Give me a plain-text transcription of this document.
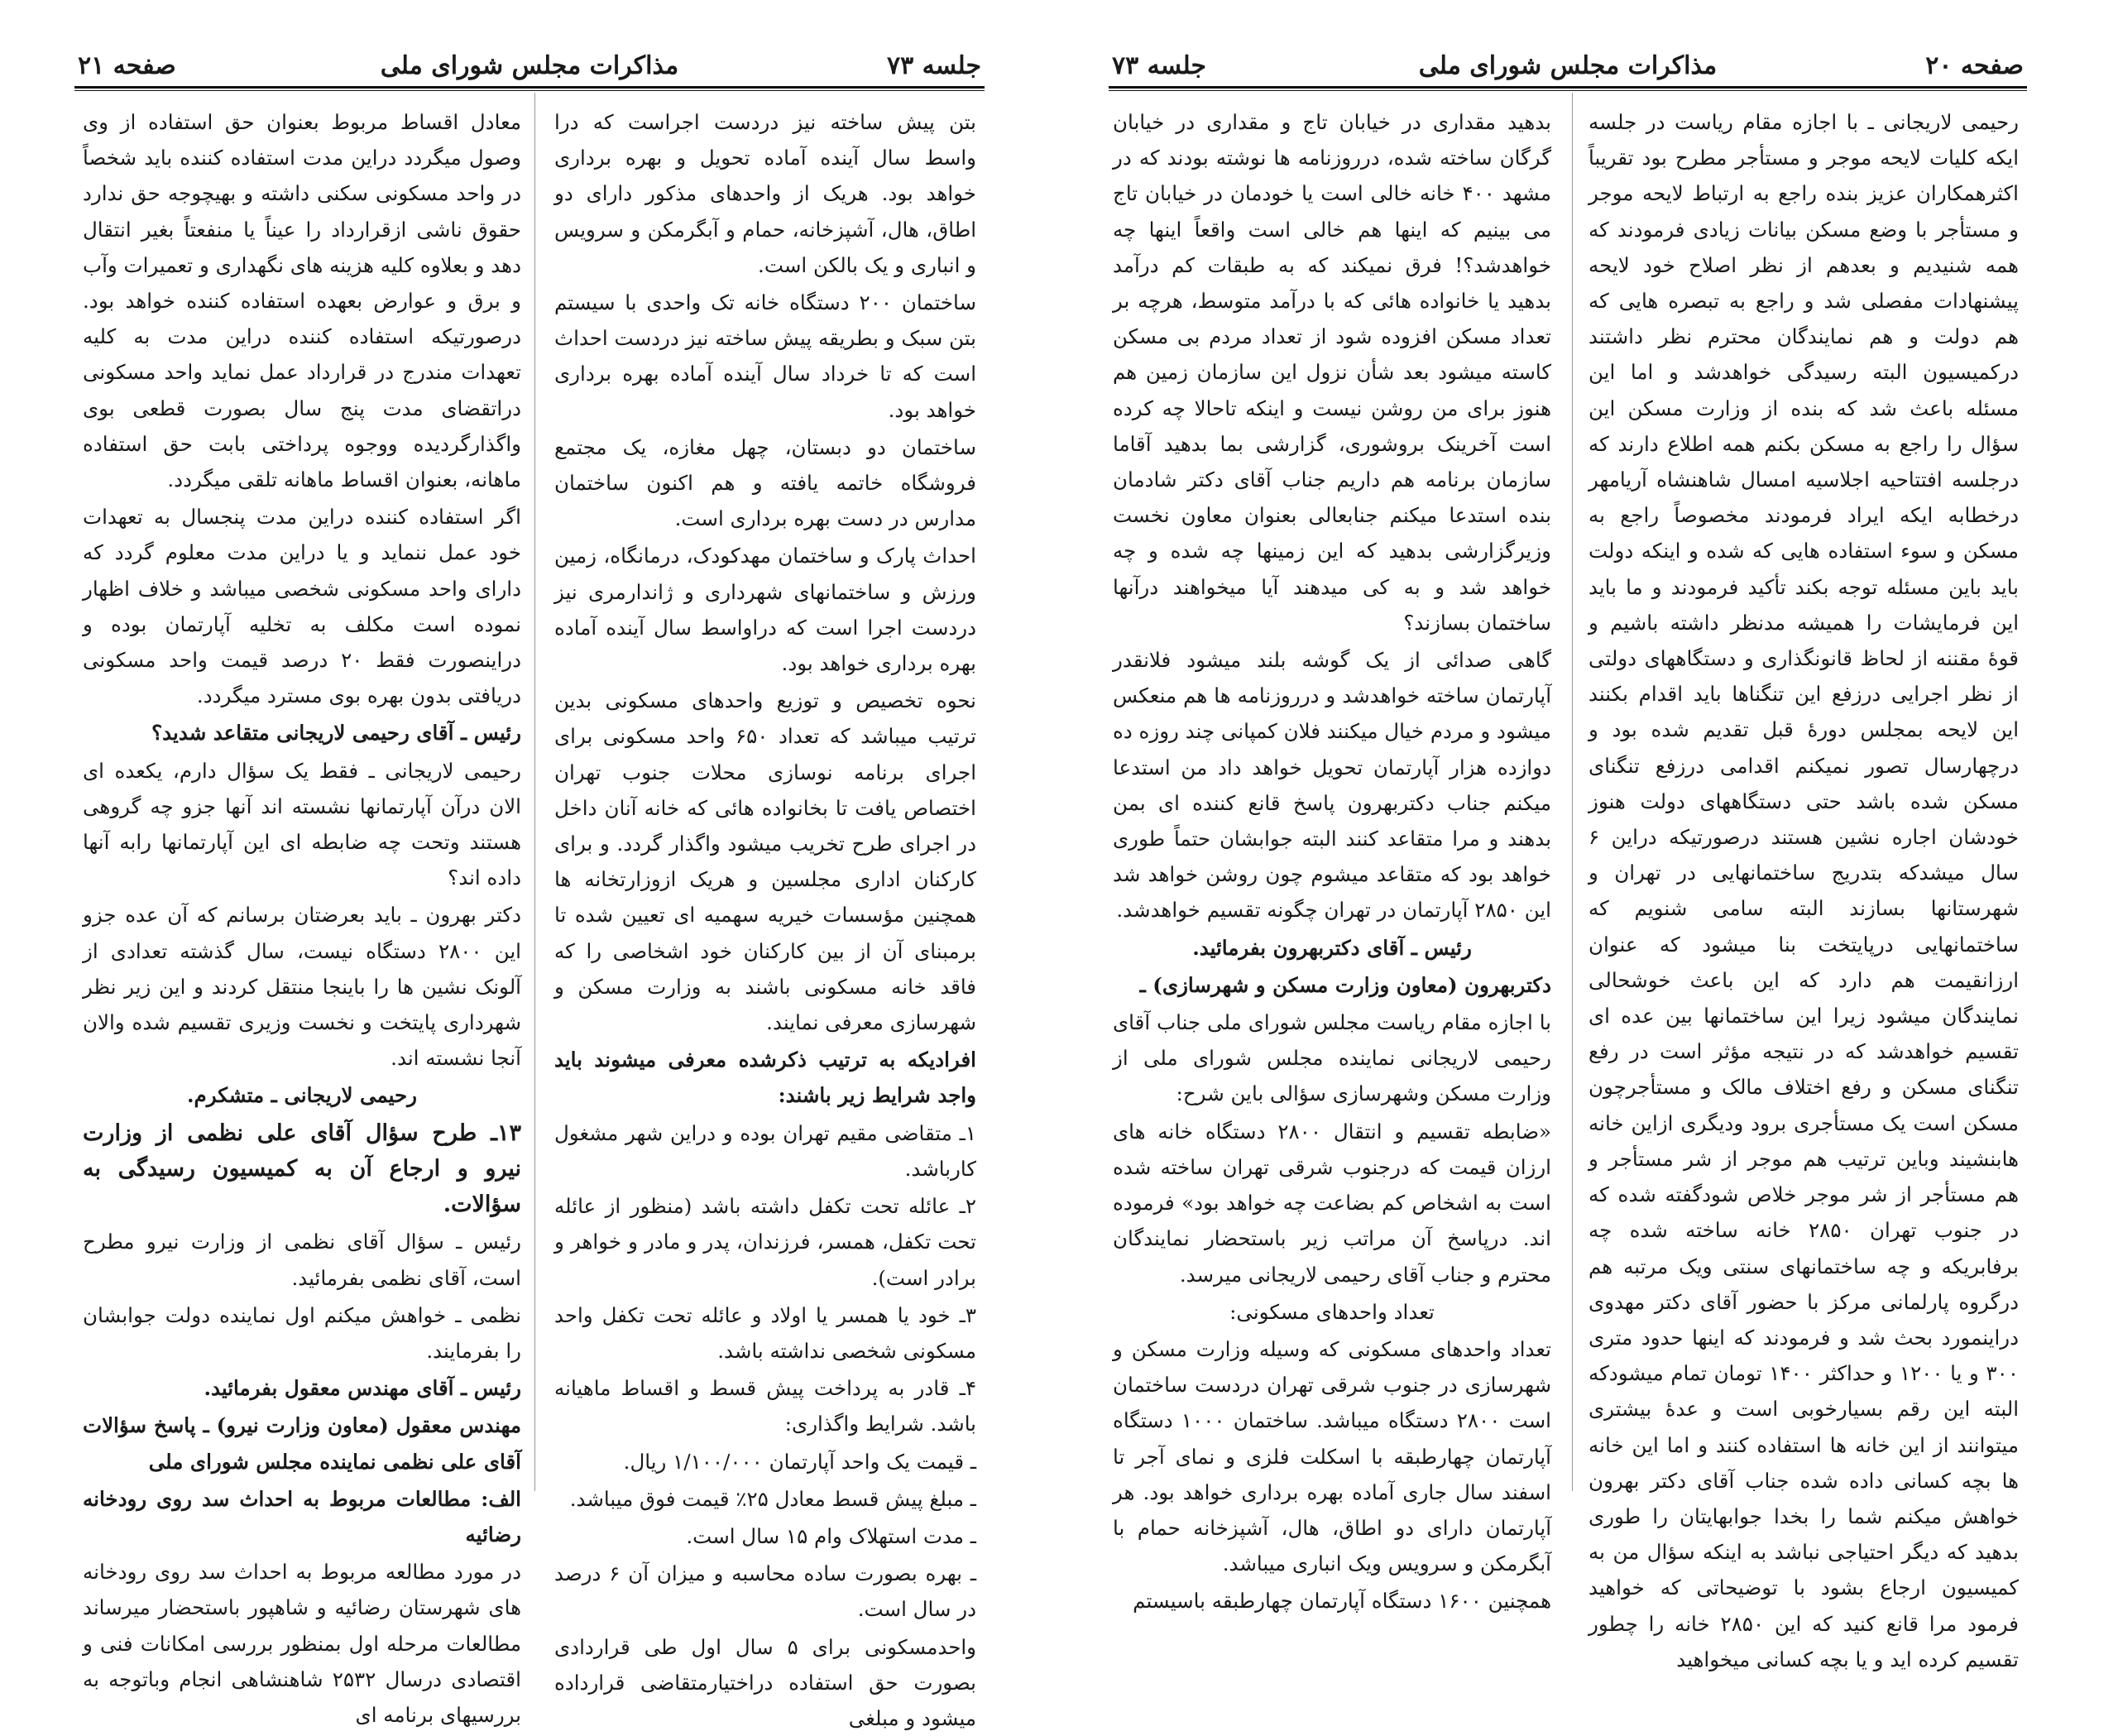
جلسه ۷۳
مذاکرات مجلس شورای ملی
صفحه ۲۱

بتن پیش ساخته نیز دردست اجراست که درا واسط سال آینده آماده تحویل و بهره برداری خواهد بود. هریک از واحدهای مذکور دارای دو اطاق، هال، آشپزخانه، حمام و آبگرمکن و سرویس و انباری و یک بالکن است.

ساختمان ۲۰۰ دستگاه خانه تک واحدی با سیستم بتن سبک و بطریقه پیش ساخته نیز دردست احداث است که تا خرداد سال آینده آماده بهره برداری خواهد بود.

ساختمان دو دبستان، چهل مغازه، یک مجتمع فروشگاه خاتمه یافته و هم اکنون ساختمان مدارس در دست بهره برداری است.

احداث پارک و ساختمان مهدکودک، درمانگاه، زمین ورزش و ساختمانهای شهرداری و ژاندارمری نیز دردست اجرا است که دراواسط سال آینده آماده بهره برداری خواهد بود.

نحوه تخصیص و توزیع واحدهای مسکونی بدین ترتیب میباشد که تعداد ۶۵۰ واحد مسکونی برای اجرای برنامه نوسازی محلات جنوب تهران اختصاص یافت تا بخانواده هائی که خانه آنان داخل در اجرای طرح تخریب میشود واگذار گردد. و برای کارکنان اداری مجلسین و هریک ازوزارتخانه ها همچنین مؤسسات خیریه سهمیه ای تعیین شده تا برمبنای آن از بین کارکنان خود اشخاصی را که فاقد خانه مسکونی باشند به وزارت مسکن و شهرسازی معرفی نمایند.

افرادیکه به ترتیب ذکرشده معرفی میشوند باید واجد شرایط زیر باشند:

۱ـ متقاضی مقیم تهران بوده و دراین شهر مشغول کارباشد.

۲ـ عائله تحت تکفل داشته باشد (منظور از عائله تحت تکفل، همسر، فرزندان، پدر و مادر و خواهر و برادر است).

۳ـ خود یا همسر یا اولاد و عائله تحت تکفل واحد مسکونی شخصی نداشته باشد.

۴ـ قادر به پرداخت پیش قسط و اقساط ماهیانه باشد. شرایط واگذاری:

ـ قیمت یک واحد آپارتمان ۱/۱۰۰/۰۰۰ ریال.

ـ مبلغ پیش قسط معادل ۲۵٪ قیمت فوق میباشد.

ـ مدت استهلاک وام ۱۵ سال است.

ـ بهره بصورت ساده محاسبه و میزان آن ۶ درصد در سال است.

واحدمسکونی برای ۵ سال اول طی قراردادی بصورت حق استفاده دراختیارمتقاضی قرارداده میشود و مبلغی

معادل اقساط مربوط بعنوان حق استفاده از وی وصول میگردد دراین مدت استفاده کننده باید شخصاً در واحد مسکونی سکنی داشته و بهیچوجه حق ندارد حقوق ناشی ازقرارداد را عیناً یا منفعتاً بغیر انتقال دهد و بعلاوه کلیه هزینه های نگهداری و تعمیرات وآب و برق و عوارض بعهده استفاده کننده خواهد بود. درصورتیکه استفاده کننده دراین مدت به کلیه تعهدات مندرج در قرارداد عمل نماید واحد مسکونی دراتقضای مدت پنج سال بصورت قطعی بوی واگذارگردیده ووجوه پرداختی بابت حق استفاده ماهانه، بعنوان اقساط ماهانه تلقی میگردد.

اگر استفاده کننده دراین مدت پنجسال به تعهدات خود عمل ننماید و یا دراین مدت معلوم گردد که دارای واحد مسکونی شخصی میباشد و خلاف اظهار نموده است مکلف به تخلیه آپارتمان بوده و دراینصورت فقط ۲۰ درصد قیمت واحد مسکونی دریافتی بدون بهره بوی مسترد میگردد.

رئیس ـ آقای رحیمی لاریجانی متقاعد شدید؟

رحیمی لاریجانی ـ فقط یک سؤال دارم، یکعده ای الان درآن آپارتمانها نشسته اند آنها جزو چه گروهی هستند وتحت چه ضابطه ای این آپارتمانها رابه آنها داده اند؟

دکتر بهرون ـ باید بعرضتان برسانم که آن عده جزو این ۲۸۰۰ دستگاه نیست، سال گذشته تعدادی از آلونک نشین ها را باینجا منتقل کردند و این زیر نظر شهرداری پایتخت و نخست وزیری تقسیم شده والان آنجا نشسته اند.

رحیمی لاریجانی ـ متشکرم.

۱۳ـ طرح سؤال آقای علی نظمی از وزارت نیرو و ارجاع آن به کمیسیون رسیدگی به سؤالات.

رئیس ـ سؤال آقای نظمی از وزارت نیرو مطرح است، آقای نظمی بفرمائید.

نظمی ـ خواهش میکنم اول نماینده دولت جوابشان را بفرمایند.

رئیس ـ آقای مهندس معقول بفرمائید.

مهندس معقول (معاون وزارت نیرو) ـ پاسخ سؤالات آقای علی نظمی نماینده مجلس شورای ملی

الف: مطالعات مربوط به احداث سد روی رودخانه رضائیه

در مورد مطالعه مربوط به احداث سد روی رودخانه های شهرستان رضائیه و شاهپور باستحضار میرساند مطالعات مرحله اول بمنظور بررسی امکانات فنی و اقتصادی درسال ۲۵۳۲ شاهنشاهی انجام وباتوجه به بررسیهای برنامه ای

صفحه ۲۰
مذاکرات مجلس شورای ملی
جلسه ۷۳

رحیمی لاریجانی ـ با اجازه مقام ریاست در جلسه ایکه کلیات لایحه موجر و مستأجر مطرح بود تقریباً اکثرهمکاران عزیز بنده راجع به ارتباط لایحه موجر و مستأجر با وضع مسکن بیانات زیادی فرمودند که همه شنیدیم و بعدهم از نظر اصلاح خود لایحه پیشنهادات مفصلی شد و راجع به تبصره هایی که هم دولت و هم نمایندگان محترم نظر داشتند درکمیسیون البته رسیدگی خواهدشد و اما این مسئله باعث شد که بنده از وزارت مسکن این سؤال را راجع به مسکن بکنم همه اطلاع دارند که درجلسه افتتاحیه اجلاسیه امسال شاهنشاه آریامهر درخطابه ایکه ایراد فرمودند مخصوصاً راجع به مسکن و سوء استفاده هایی که شده و اینکه دولت باید باین مسئله توجه بکند تأکید فرمودند و ما باید این فرمایشات را همیشه مدنظر داشته باشیم و قوهٔ مقننه از لحاظ قانونگذاری و دستگاههای دولتی از نظر اجرایی درزفع این تنگناها باید اقدام بکنند این لایحه بمجلس دورهٔ قبل تقدیم شده بود و درچهارسال تصور نمیکنم اقدامی درزفع تنگنای مسکن شده باشد حتی دستگاههای دولت هنوز خودشان اجاره نشین هستند درصورتیکه دراین ۶ سال میشدکه بتدریج ساختمانهایی در تهران و شهرستانها بسازند البته سامی شنویم که ساختمانهایی درپایتخت بنا میشود که عنوان ارزانقیمت هم دارد که این باعث خوشحالی نمایندگان میشود زیرا این ساختمانها بین عده ای تقسیم خواهدشد که در نتیجه مؤثر است در رفع تنگنای مسکن و رفع اختلاف مالک و مستأجرچون مسکن است یک مستأجری برود ودیگری ازاین خانه هابنشیند وباین ترتیب هم موجر از شر مستأجر و هم مستأجر از شر موجر خلاص شودگفته شده که در جنوب تهران ۲۸۵۰ خانه ساخته شده چه برفابریکه و چه ساختمانهای سنتی ویک مرتبه هم درگروه پارلمانی مرکز با حضور آقای دکتر مهدوی دراینمورد بحث شد و فرمودند که اینها حدود متری ۳۰۰ و یا ۱۲۰۰ و حداکثر ۱۴۰۰ تومان تمام میشودکه البته این رقم بسیارخوبی است و عدهٔ بیشتری میتوانند از این خانه ها استفاده کنند و اما این خانه ها بچه کسانی داده شده جناب آقای دکتر بهرون خواهش میکنم شما را بخدا جوابهایتان را طوری بدهید که دیگر احتیاجی نباشد به اینکه سؤال من به کمیسیون ارجاع بشود با توضیحاتی که خواهید فرمود مرا قانع کنید که این ۲۸۵۰ خانه را چطور تقسیم کرده اید و یا بچه کسانی میخواهید

بدهید مقداری در خیابان تاج و مقداری در خیابان گرگان ساخته شده، درروزنامه ها نوشته بودند که در مشهد ۴۰۰ خانه خالی است یا خودمان در خیابان تاج می بینیم که اینها هم خالی است واقعاً اینها چه خواهدشد؟! فرق نمیکند که به طبقات کم درآمد بدهید یا خانواده هائی که با درآمد متوسط، هرچه بر تعداد مسکن افزوده شود از تعداد مردم بی مسکن کاسته میشود بعد شأن نزول این سازمان زمین هم هنوز برای من روشن نیست و اینکه تاحالا چه کرده است آخرینک بروشوری، گزارشی بما بدهید آقاما سازمان برنامه هم داریم جناب آقای دکتر شادمان بنده استدعا میکنم جنابعالی بعنوان معاون نخست وزیرگزارشی بدهید که این زمینها چه شده و چه خواهد شد و به کی میدهند آیا میخواهند درآنها ساختمان بسازند؟

گاهی صدائی از یک گوشه بلند میشود فلانقدر آپارتمان ساخته خواهدشد و درروزنامه ها هم منعکس میشود و مردم خیال میکنند فلان کمپانی چند روزه ده دوازده هزار آپارتمان تحویل خواهد داد من استدعا میکنم جناب دکتربهرون پاسخ قانع کننده ای بمن بدهند و مرا متقاعد کنند البته جوابشان حتماً طوری خواهد بود که متقاعد میشوم چون روشن خواهد شد این ۲۸۵۰ آپارتمان در تهران چگونه تقسیم خواهدشد.

رئیس ـ آقای دکتربهرون بفرمائید.

دکتربهرون (معاون وزارت مسکن و شهرسازی) ـ

با اجازه مقام ریاست مجلس شورای ملی جناب آقای رحیمی لاریجانی نماینده مجلس شورای ملی از وزارت مسکن وشهرسازی سؤالی باین شرح:

«ضابطه تقسیم و انتقال ۲۸۰۰ دستگاه خانه های ارزان قیمت که درجنوب شرقی تهران ساخته شده است به اشخاص کم بضاعت چه خواهد بود» فرموده اند. درپاسخ آن مراتب زیر باستحضار نمایندگان محترم و جناب آقای رحیمی لاریجانی میرسد.

تعداد واحدهای مسکونی:

تعداد واحدهای مسکونی که وسیله وزارت مسکن و شهرسازی در جنوب شرقی تهران دردست ساختمان است ۲۸۰۰ دستگاه میباشد. ساختمان ۱۰۰۰ دستگاه آپارتمان چهارطبقه با اسکلت فلزی و نمای آجر تا اسفند سال جاری آماده بهره برداری خواهد بود. هر آپارتمان دارای دو اطاق، هال، آشپزخانه حمام با آبگرمکن و سرویس ویک انباری میباشد.

همچنین ۱۶۰۰ دستگاه آپارتمان چهارطبقه باسیستم
